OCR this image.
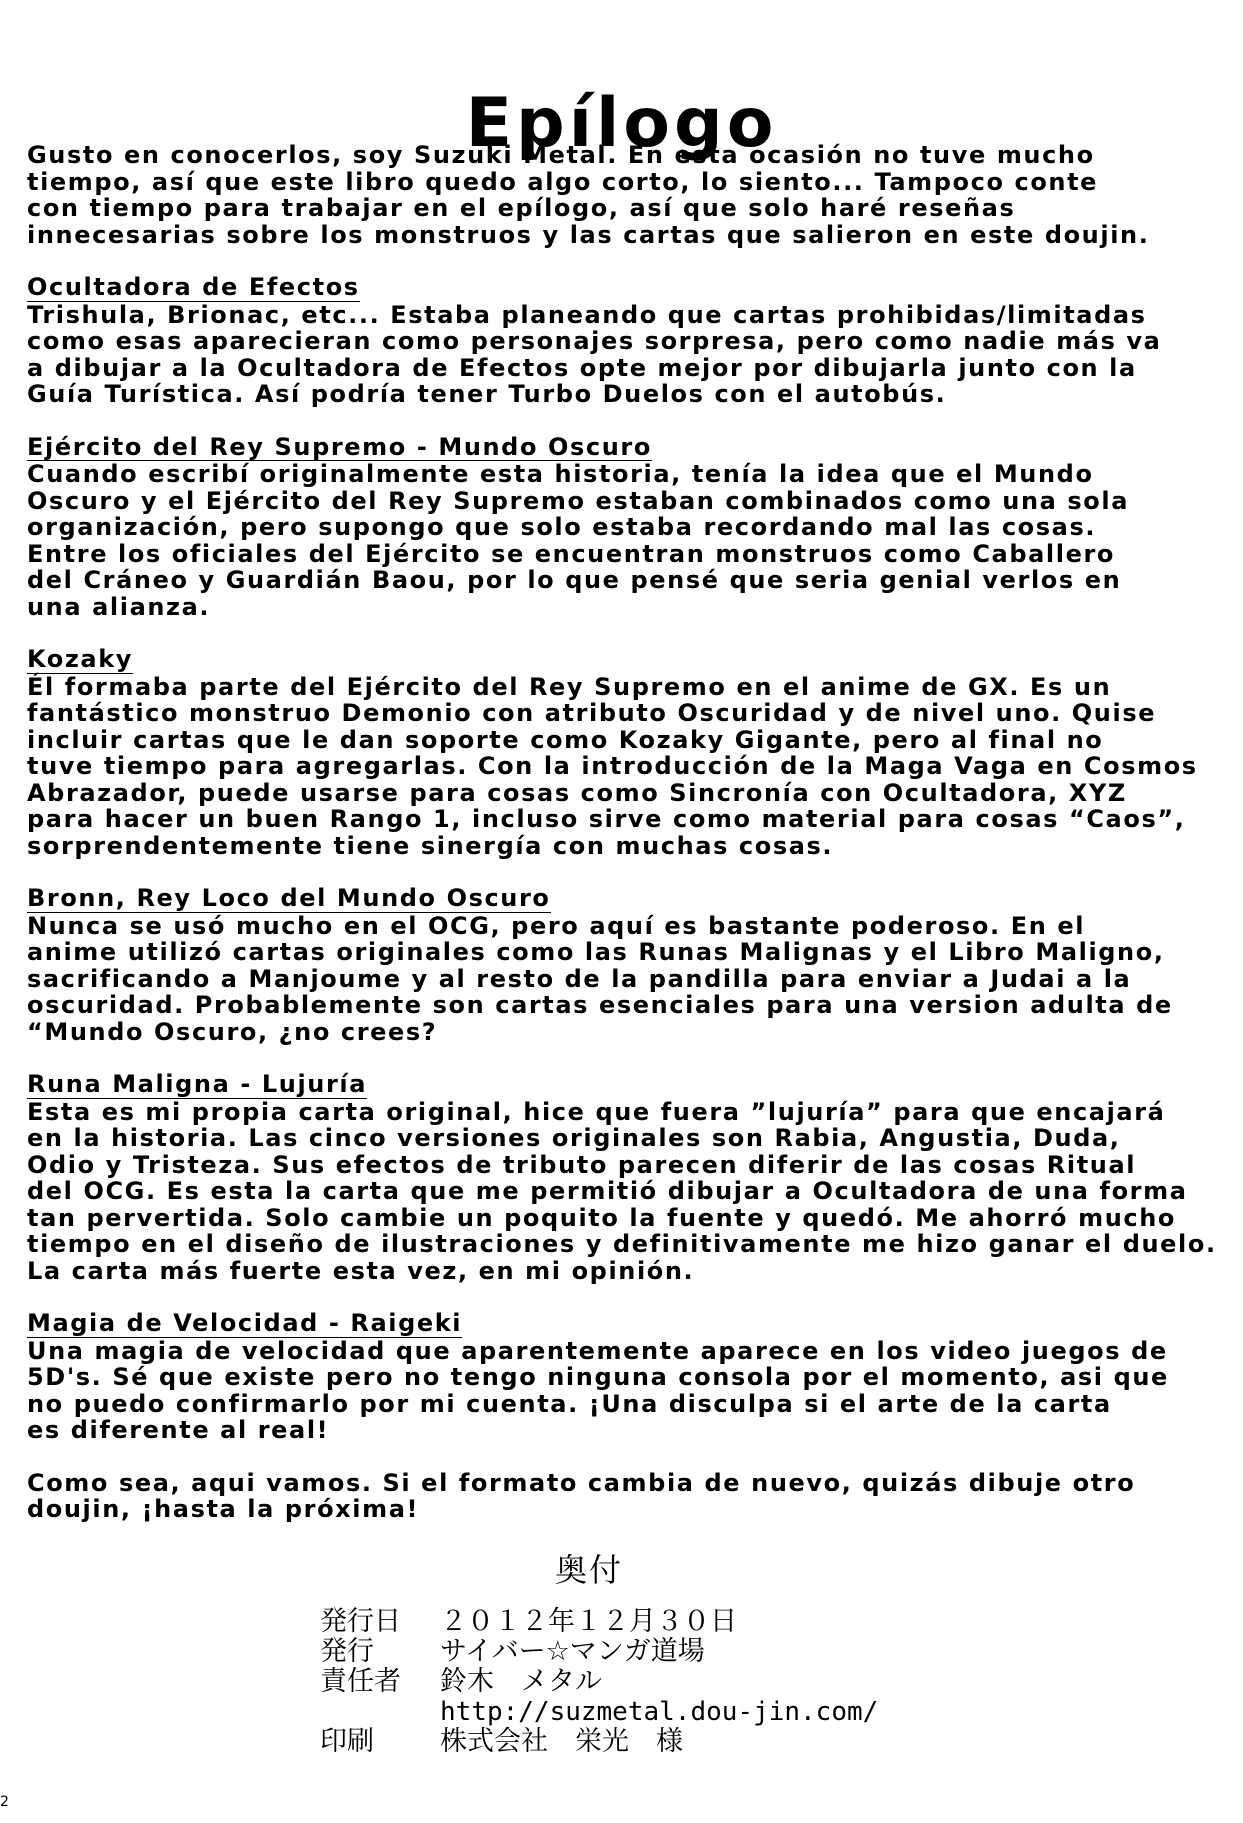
Epílogo

Gusto en conocerlos, soy Suzuki Metal. En esta ocasión no tuve mucho
tiempo, así que este libro quedo algo corto, lo siento... Tampoco conte
con tiempo para trabajar en el epílogo, así que solo haré reseñas
innecesarias sobre los monstruos y las cartas que salieron en este doujin.

Ocultadora de Efectos

Trishula, Brionac, etc... Estaba planeando que cartas prohibidas/limitadas
como esas aparecieran como personajes sorpresa, pero como nadie más va
a dibujar a la Ocultadora de Efectos opte mejor por dibujarla junto con la
Guía Turística. Así podría tener Turbo Duelos con el autobús.

Ejército del Rey Supremo - Mundo Oscuro

Cuando escribí originalmente esta historia, tenía la idea que el Mundo
Oscuro y el Ejército del Rey Supremo estaban combinados como una sola
organización, pero supongo que solo estaba recordando mal las cosas.
Entre los oficiales del Ejército se encuentran monstruos como Caballero
del Cráneo y Guardián Baou, por lo que pensé que seria genial verlos en
una alianza.

Kozaky

Él formaba parte del Ejército del Rey Supremo en el anime de GX. Es un
fantástico monstruo Demonio con atributo Oscuridad y de nivel uno. Quise
incluir cartas que le dan soporte como Kozaky Gigante, pero al final no
tuve tiempo para agregarlas. Con la introducción de la Maga Vaga en Cosmos
Abrazador, puede usarse para cosas como Sincronía con Ocultadora, XYZ
para hacer un buen Rango 1, incluso sirve como material para cosas “Caos”,
sorprendentemente tiene sinergía con muchas cosas.

Bronn, Rey Loco del Mundo Oscuro

Nunca se usó mucho en el OCG, pero aquí es bastante poderoso. En el
anime utilizó cartas originales como las Runas Malignas y el Libro Maligno,
sacrificando a Manjoume y al resto de la pandilla para enviar a Judai a la
oscuridad. Probablemente son cartas esenciales para una version adulta de
“Mundo Oscuro, ¿no crees?

Runa Maligna - Lujuría

Esta es mi propia carta original, hice que fuera ”lujuría” para que encajará
en la historia. Las cinco versiones originales son Rabia, Angustia, Duda,
Odio y Tristeza. Sus efectos de tributo parecen diferir de las cosas Ritual
del OCG. Es esta la carta que me permitió dibujar a Ocultadora de una forma
tan pervertida. Solo cambie un poquito la fuente y quedó. Me ahorró mucho
tiempo en el diseño de ilustraciones y definitivamente me hizo ganar el duelo.
La carta más fuerte esta vez, en mi opinión.

Magia de Velocidad - Raigeki

Una magia de velocidad que aparentemente aparece en los video juegos de
5D's. Sé que existe pero no tengo ninguna consola por el momento, asi que
no puedo confirmarlo por mi cuenta. ¡Una disculpa si el arte de la carta
es diferente al real!

Como sea, aqui vamos. Si el formato cambia de nuevo, quizás dibuje otro
doujin, ¡hasta la próxima!

奥付
発行日 ２０１２年１２月３０日
発行 サイバー☆マンガ道場
責任者 鈴木　メタル
http://suzmetal.dou-jin.com/
印刷 株式会社　栄光　様
2
